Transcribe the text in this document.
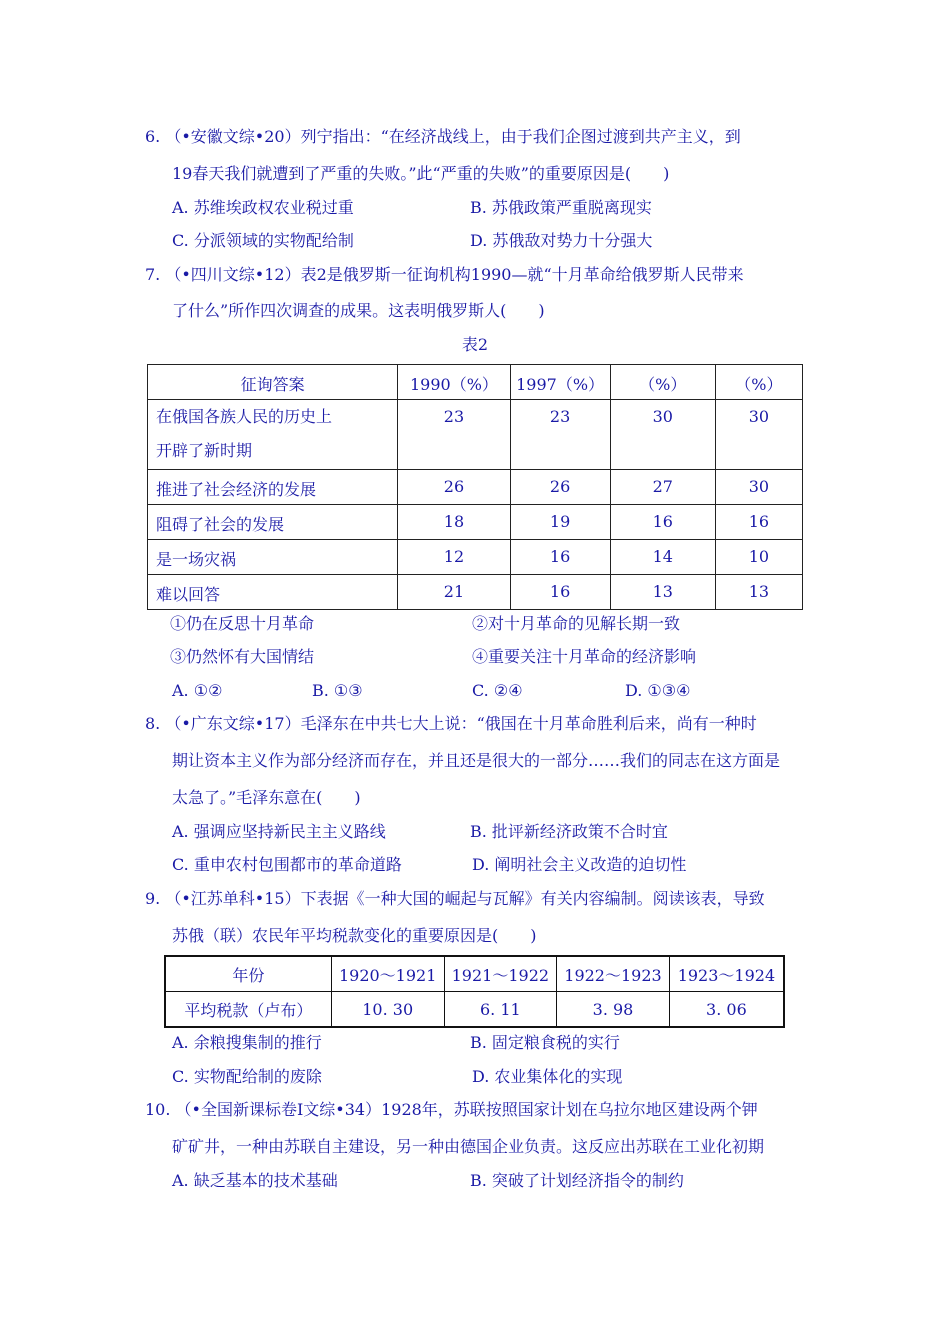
6. （•安徽文综•20）列宁指出：“在经济战线上，由于我们企图过渡到共产主义，到
19春天我们就遭到了严重的失败。”此“严重的失败”的重要原因是(　　)
A. 苏维埃政权农业税过重	B. 苏俄政策严重脱离现实
C. 分派领域的实物配给制	D. 苏俄敌对势力十分强大
7. （•四川文综•12）表2是俄罗斯一征询机构1990—就“十月革命给俄罗斯人民带来
了什么”所作四次调查的成果。这表明俄罗斯人(　　)
表2
征询答案	1990（%）	1997（%）	（%）	（%）

在俄国各族人民的历史上
开辟了新时期	23	23	30	30
推进了社会经济的发展	26	26	27	30
阻碍了社会的发展	18	19	16	16
是一场灾祸	12	16	14	10
难以回答	21	16	13	13
①仍在反思十月革命	②对十月革命的见解长期一致
③仍然怀有大国情结	④重要关注十月革命的经济影响
A. ①②	B. ①③	C. ②④	D. ①③④
8. （•广东文综•17）毛泽东在中共七大上说：“俄国在十月革命胜利后来，尚有一种时
期让资本主义作为部分经济而存在，并且还是很大的一部分……我们的同志在这方面是
太急了。”毛泽东意在(　　)
A. 强调应坚持新民主主义路线	B. 批评新经济政策不合时宜
C. 重申农村包围都市的革命道路	D. 阐明社会主义改造的迫切性
9. （•江苏单科•15）下表据《一种大国的崛起与瓦解》有关内容编制。阅读该表，导致
苏俄（联）农民年平均税款变化的重要原因是(　　)
年份	1920～1921	1921～1922	1922～1923	1923～1924
平均税款（卢布）	10. 30	6. 11	3. 98	3. 06
A. 余粮搜集制的推行	B. 固定粮食税的实行
C. 实物配给制的废除	D. 农业集体化的实现
10. （•全国新课标卷Ⅰ文综•34）1928年，苏联按照国家计划在乌拉尔地区建设两个钾
矿矿井，一种由苏联自主建设，另一种由德国企业负责。这反应出苏联在工业化初期
A. 缺乏基本的技术基础	B. 突破了计划经济指令的制约
